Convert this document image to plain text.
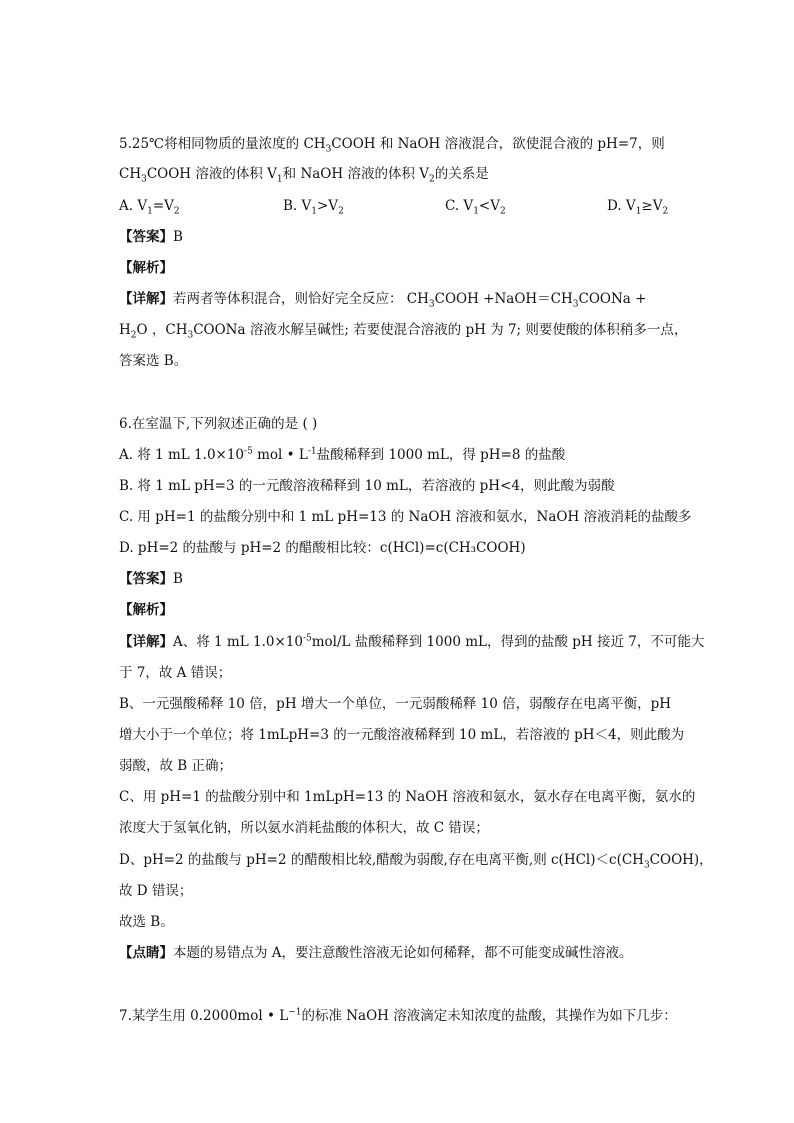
5.25℃将相同物质的量浓度的 $CH_3COOH$ 和 NaOH 溶液混合，欲使混合液的 pH=7，则
$CH_3COOH$ 溶液的体积 $V_1$和 NaOH 溶液的体积 $V_2$的关系是
A. $V_1=V_2$	B. $V_1>V_2$	C. $V_1<V_2$	D. $V_1\ge V_2$
【答案】B
【解析】
【详解】若两者等体积混合，则恰好完全反应： $CH_3COOH$ $+NaOH=CH_3COONa$ +
$H_2O$ ，$CH_3COONa$ 溶液水解呈碱性; 若要使混合溶液的 pH 为 7; 则要使酸的体积稍多一点，
答案选 B。
6.在室温下,下列叙述正确的是 ( )
A. 将 1 mL $1.0\times 10^{-5}$ mol • $L^{-1}$盐酸稀释到 1000 mL，得 pH=8 的盐酸
B. 将 1 mL pH=3 的一元酸溶液稀释到 10 mL，若溶液的 pH<4，则此酸为弱酸
C. 用 pH=1 的盐酸分别中和 1 mL pH=13 的 NaOH 溶液和氨水，NaOH 溶液消耗的盐酸多
D. pH=2 的盐酸与 pH=2 的醋酸相比较：c(HCl)=c(CH₃COOH)
【答案】B
【解析】
【详解】A、将 1 mL $1.0\times 10^{-5}mol/L$ 盐酸稀释到 1000 mL，得到的盐酸 pH 接近 7，不可能大
于 7，故 A 错误；
B、一元强酸稀释 10 倍，pH 增大一个单位，一元弱酸稀释 10 倍，弱酸存在电离平衡，pH
增大小于一个单位；将 1mLpH=3 的一元酸溶液稀释到 10 mL，若溶液的 pH＜4，则此酸为
弱酸，故 B 正确；
C、用 pH=1 的盐酸分别中和 1mLpH=13 的 NaOH 溶液和氨水，氨水存在电离平衡，氨水的
浓度大于氢氧化钠，所以氨水消耗盐酸的体积大，故 C 错误；
D、pH=2 的盐酸与 pH=2 的醋酸相比较,醋酸为弱酸,存在电离平衡,则 $c(HCl)<c(CH_3COOH)$，
故 D 错误；
故选 B。
【点睛】本题的易错点为 A，要注意酸性溶液无论如何稀释，都不可能变成碱性溶液。
7.某学生用 0.2000mol • $L^{-1}$的标准 NaOH 溶液滴定未知浓度的盐酸，其操作为如下几步：
